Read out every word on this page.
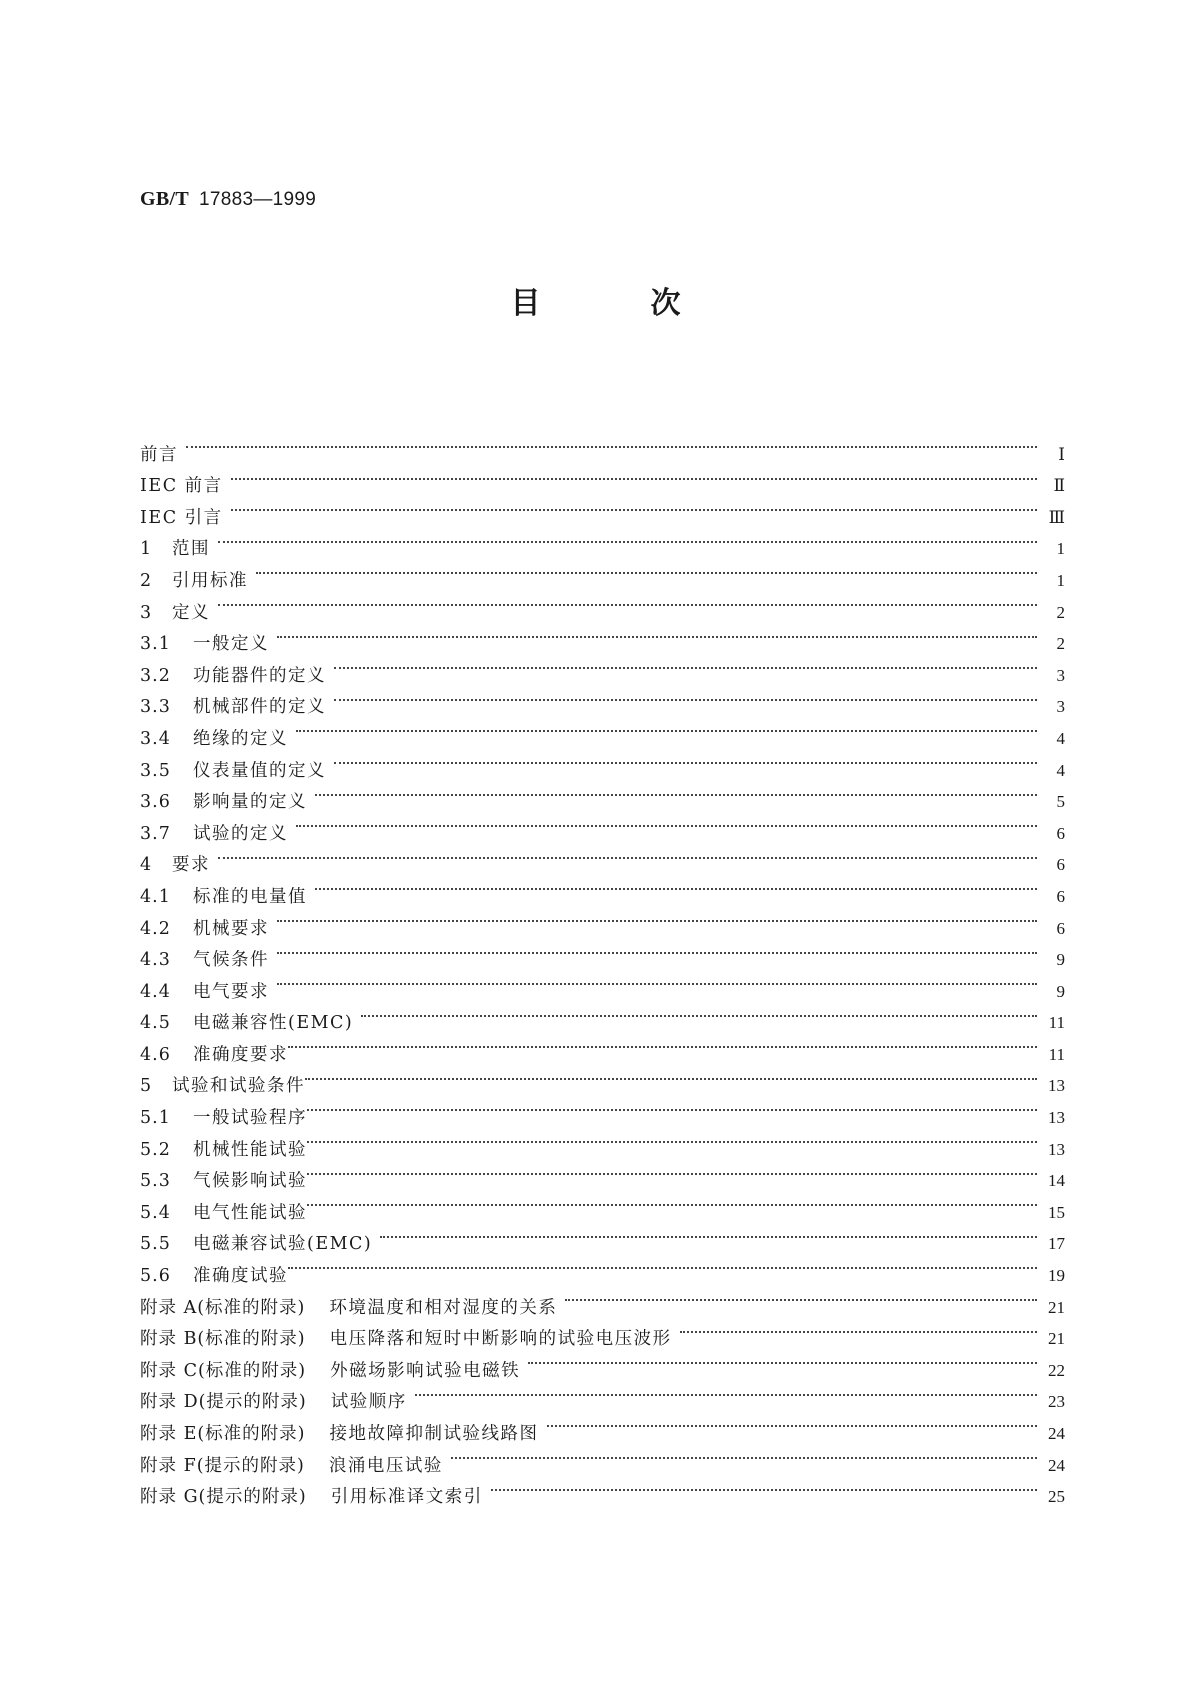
GB/T 17883—1999
目	次
前言	Ⅰ
IEC 前言	Ⅱ
IEC 引言	Ⅲ
1	范围	1
2	引用标准	1
3	定义	2
3.1	一般定义	2
3.2	功能器件的定义	3
3.3	机械部件的定义	3
3.4	绝缘的定义	4
3.5	仪表量值的定义	4
3.6	影响量的定义	5
3.7	试验的定义	6
4	要求	6
4.1	标准的电量值	6
4.2	机械要求	6
4.3	气候条件	9
4.4	电气要求	9
4.5	电磁兼容性(EMC)	11
4.6	准确度要求	11
5	试验和试验条件	13
5.1	一般试验程序	13
5.2	机械性能试验	13
5.3	气候影响试验	14
5.4	电气性能试验	15
5.5	电磁兼容试验(EMC)	17
5.6	准确度试验	19
附录 A(标准的附录) 环境温度和相对湿度的关系	21
附录 B(标准的附录) 电压降落和短时中断影响的试验电压波形	21
附录 C(标准的附录) 外磁场影响试验电磁铁	22
附录 D(提示的附录) 试验顺序	23
附录 E(标准的附录) 接地故障抑制试验线路图	24
附录 F(提示的附录) 浪涌电压试验	24
附录 G(提示的附录) 引用标准译文索引	25
